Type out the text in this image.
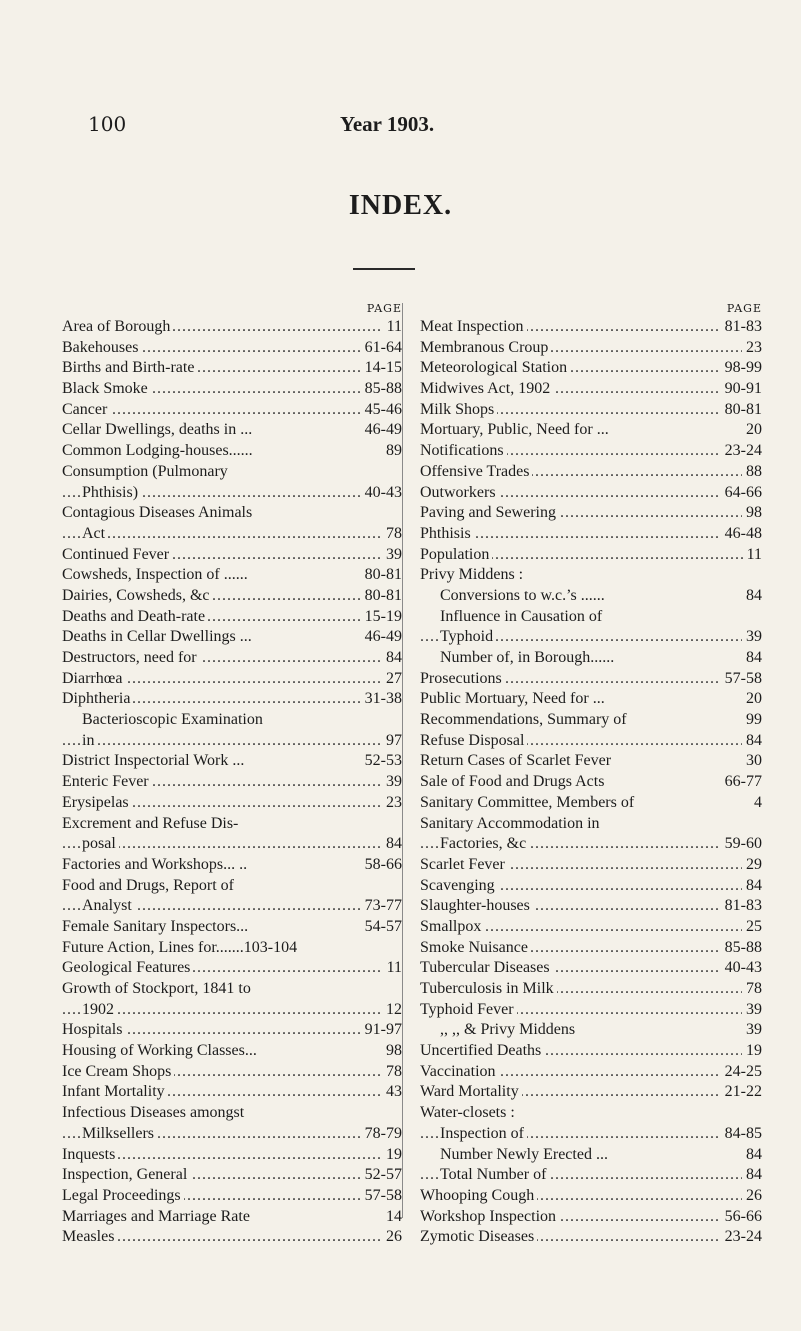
100	Year 1903.
INDEX.
PAGE
..... Area of Borough	11
..... Bakehouses	61-64
..... Births and Birth-rate	14-15
..... Black Smoke	85-88
..... Cancer	45-46
Cellar Dwellings, deaths in ...	46-49
Common Lodging-houses......	89
Consumption (Pulmonary
..... Phthisis)	40-43
Contagious Diseases Animals
..... Act	78
..... Continued Fever	39
Cowsheds, Inspection of ......	80-81
..... Dairies, Cowsheds, &c	80-81
..... Deaths and Death-rate	15-19
Deaths in Cellar Dwellings ...	46-49
..... Destructors, need for	84
..... Diarrhœa	27
..... Diphtheria	31-38
Bacterioscopic Examination
..... in	97
District Inspectorial Work ...	52-53
..... Enteric Fever	39
..... Erysipelas	23
Excrement and Refuse Dis-
..... posal	84
Factories and Workshops... ..	58-66
Food and Drugs, Report of
..... Analyst	73-77
Female Sanitary Inspectors...	54-57
Future Action, Lines for.......103-104
..... Geological Features	11
Growth of Stockport, 1841 to
..... 1902	12
..... Hospitals	91-97
Housing of Working Classes...	98
..... Ice Cream Shops	78
..... Infant Mortality	43
Infectious Diseases amongst
..... Milksellers	78-79
..... Inquests	19
..... Inspection, General	52-57
..... Legal Proceedings	57-58
Marriages and Marriage Rate	14
..... Measles	26
PAGE
..... Meat Inspection	81-83
..... Membranous Croup	23
..... Meteorological Station	98-99
..... Midwives Act, 1902	90-91
..... Milk Shops	80-81
Mortuary, Public, Need for ...	20
..... Notifications	23-24
..... Offensive Trades	88
..... Outworkers	64-66
..... Paving and Sewering	98
..... Phthisis	46-48
..... Population	11
Privy Middens :
Conversions to w.c.’s ......	84
Influence in Causation of
..... Typhoid	39
Number of, in Borough......	84
..... Prosecutions	57-58
Public Mortuary, Need for ...	20
Recommendations, Summary of	99
..... Refuse Disposal	84
Return Cases of Scarlet Fever	30
Sale of Food and Drugs Acts	66-77
Sanitary Committee, Members of	4
Sanitary Accommodation in
..... Factories, &c	59-60
..... Scarlet Fever	29
..... Scavenging	84
..... Slaughter-houses	81-83
..... Smallpox	25
..... Smoke Nuisance	85-88
..... Tubercular Diseases	40-43
..... Tuberculosis in Milk	78
..... Typhoid Fever	39
,, ,, & Privy Middens	39
..... Uncertified Deaths	19
..... Vaccination	24-25
..... Ward Mortality	21-22
Water-closets :
..... Inspection of	84-85
Number Newly Erected ...	84
..... Total Number of	84
..... Whooping Cough	26
..... Workshop Inspection	56-66
..... Zymotic Diseases	23-24
